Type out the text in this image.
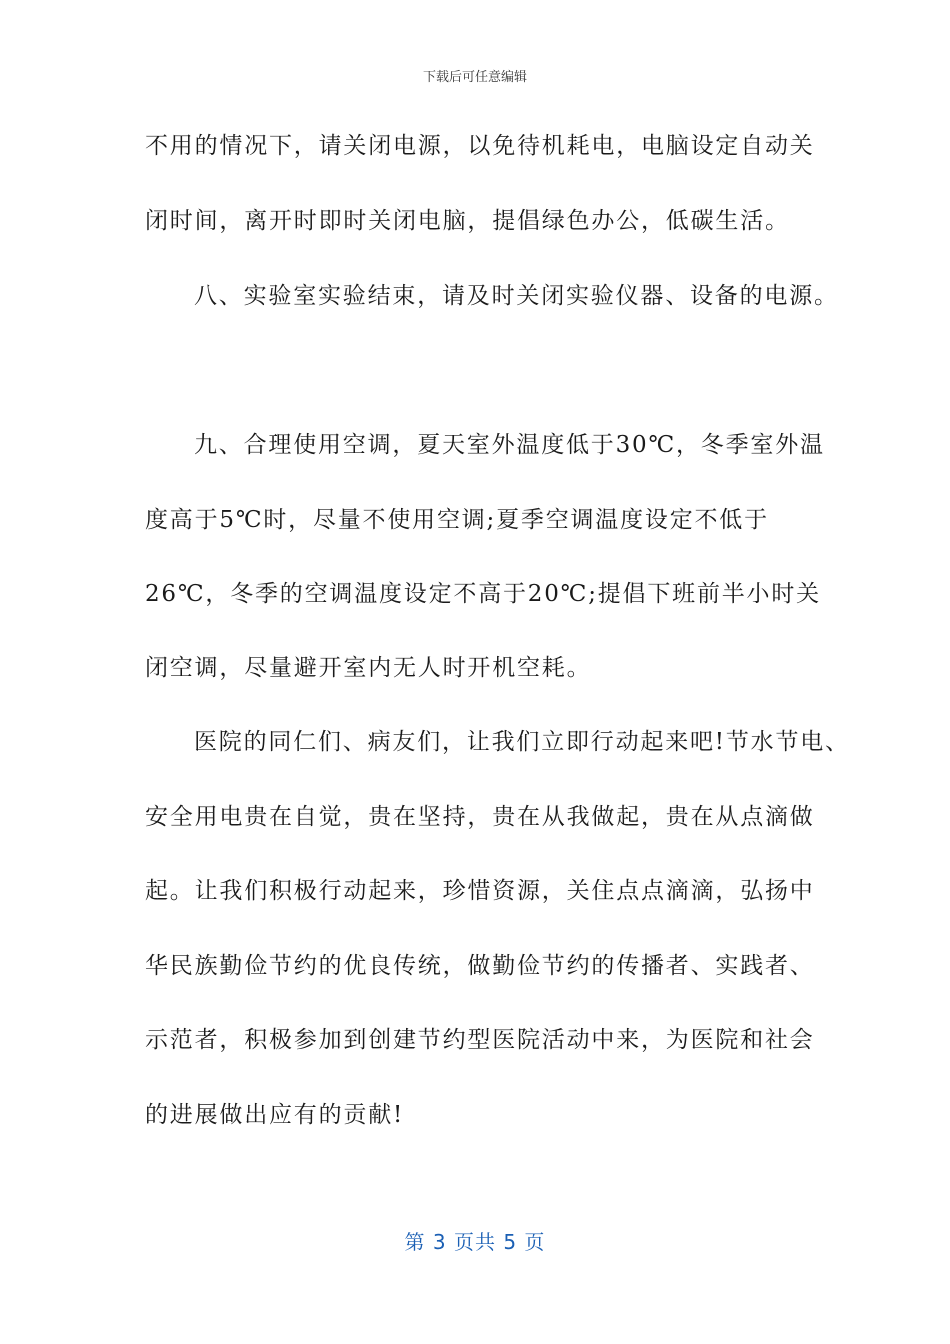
下载后可任意编辑
不用的情况下，请关闭电源，以免待机耗电，电脑设定自动关
闭时间，离开时即时关闭电脑，提倡绿色办公，低碳生活。
八、实验室实验结束，请及时关闭实验仪器、设备的电源。
九、合理使用空调，夏天室外温度低于30℃，冬季室外温
度高于5℃时，尽量不使用空调;夏季空调温度设定不低于
26℃，冬季的空调温度设定不高于20℃;提倡下班前半小时关
闭空调，尽量避开室内无人时开机空耗。
医院的同仁们、病友们，让我们立即行动起来吧!节水节电、
安全用电贵在自觉，贵在坚持，贵在从我做起，贵在从点滴做
起。让我们积极行动起来，珍惜资源，关住点点滴滴，弘扬中
华民族勤俭节约的优良传统，做勤俭节约的传播者、实践者、
示范者，积极参加到创建节约型医院活动中来，为医院和社会
的进展做出应有的贡献!
第 3 页共 5 页
